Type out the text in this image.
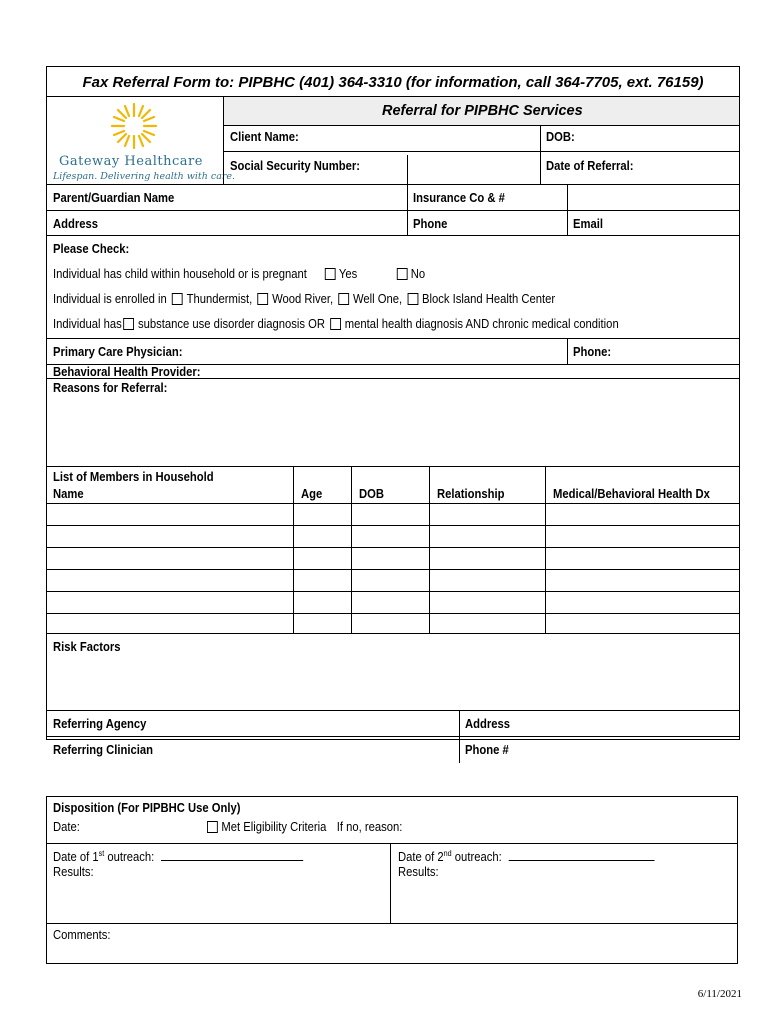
Fax Referral Form to: PIPBHC (401) 364-3310 (for information, call 364-7705, ext. 76159)
Gateway Healthcare
Lifespan. Delivering health with care.
Referral for PIPBHC Services
Client Name:	DOB:
Social Security Number:	Date of Referral:
Parent/Guardian Name	Insurance Co & #
Address	Phone	Email
Please Check:
Individual has child within household or is pregnant	Yes	No
Individual is enrolled in Thundermist, Wood River, Well One, Block Island Health Center
Individual has substance use disorder diagnosis OR mental health diagnosis AND chronic medical condition
Primary Care Physician:	Phone:
Behavioral Health Provider:
Reasons for Referral:
List of Members in Household
Name	Age	DOB	Relationship	Medical/Behavioral Health Dx
Risk Factors
Referring Agency	Address
Referring Clinician	Phone #
Disposition (For PIPBHC Use Only)
Date:	Met Eligibility Criteria If no, reason:
Date of 1st outreach:
Results:
Date of 2nd outreach:
Results:
Comments:
6/11/2021
